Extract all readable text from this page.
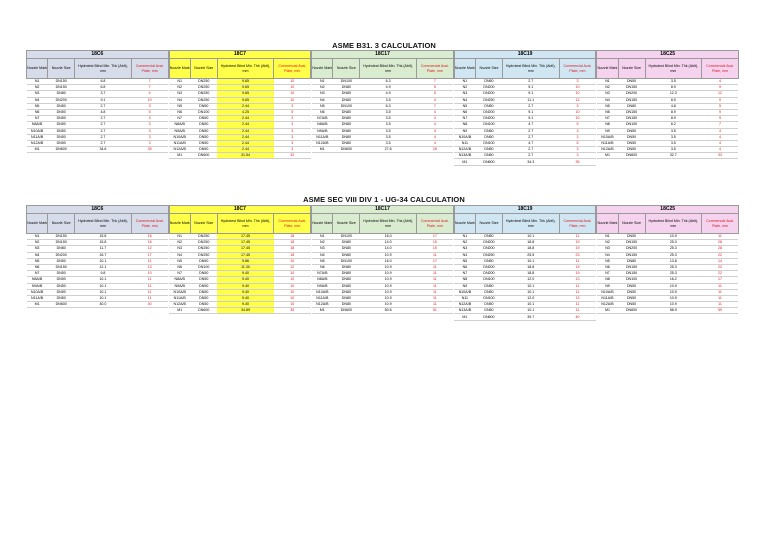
ASME B31. 3 CALCULATION
18C6			
Nozzle Mark	Nozzle Size	Hydrotest Blind Min. Thk (Ablt), mm	Commercial Avai. Plate, mm
N1	DN150	6.8	7
N2	DN150	6.8	7
N3	DN80	3.7	4
N4	DN200	9.1	10
N5	DN50	2.7	3
N6	DN50	4.8	5
N7	DN50	2.7	3
N8A/B	DN50	2.7	3
N10A/B	DN50	2.7	3
N11A/B	DN50	2.7	3
N12A/B	DN50	2.7	3
M1	DN600	34.6	35
18C7			
Nozzle Mark	Nozzle Size	Hydrotest Blind Min. Thk (Ablt), mm	Commercial Avai. Plate, mm
N1	DN250	9.65	10
N2	DN250	9.65	10
N3	DN250	9.65	10
N4	DN250	9.65	10
N5	DN50	2.44	3
N6	DN100	4.25	5
N7	DN50	2.44	3
N8A/B	DN50	2.44	3
N9A/B	DN50	2.44	3
N10A/B	DN50	2.44	3
N11A/B	DN50	2.44	3
N12A/B	DN50	2.44	3
M1	DN600	31.54	32
18C17			
Nozzle Mark	Nozzle Size	Hydrotest Blind Min. Thk (Ablt), mm	Commercial Avai. Plate, mm
N1	DN100	6.3	7
N2	DN80	4.9	5
N3	DN80	4.9	5
N4	DN80	3.5	4
N5	DN100	6.3	7
N6	DN80	3.5	4
N7A/B	DN80	3.5	4
N8A/B	DN80	3.5	4
N9A/B	DN80	3.5	4
N11A/B	DN80	3.5	4
N12A/B	DN80	3.5	4
M1	DN600	27.6	28
18C19			
Nozzle Mark	Nozzle Size	Hydrotest Blind Min. Thk (Ablt), mm	Commercial Avai. Plate, mm
N1	DN50	2.7	3
N2	DN200	9.1	10
N3	DN200	9.1	10
N4	DN250	11.1	12
N5	DN50	2.7	3
N6	DN200	9.1	10
N7	DN200	9.1	10
N8	DN100	4.7	5
N9	DN50	2.7	3
N10A/B	DN50	2.7	3
N11	DN100	4.7	5
N12A/B	DN50	2.7	3
N13A/B	DN50	2.7	3
M1	DN600	34.3	35
18C25			
Nozzle Mark	Nozzle Size	Hydrotest Blind Min. Thk (Ablt), mm	Commercial Avai. Plate, mm
N1	DN50	3.5	4
N2	DN150	8.9	9
N3	DN200	12.3	12
N4	DN150	8.9	9
N5	DN80	4.8	5
N6	DN150	8.9	9
N7	DN150	8.9	9
N8	DN100	6.2	7
N9	DN50	3.5	4
N10A/B	DN50	3.5	4
N11A/B	DN50	3.5	4
N12A/B	DN50	3.5	4
M1	DN600	32.7	33
ASME SEC VIII DIV 1 - UG-34 CALCULATION
18C6			
Nozzle Mark	Nozzle Size	Hydrotest Blind Min. Thk (Ablt), mm	Commercial Avai. Plate, mm
N1	DN150	15.8	16
N2	DN150	15.8	16
N3	DN80	11.7	12
N4	DN200	16.7	17
N5	DN50	10.1	11
N6	DN150	12.1	13
N7	DN50	9.8	10
N8A/B	DN50	10.1	11
N9A/B	DN50	10.1	11
N10A/B	DN50	10.1	11
N11A/B	DN50	10.1	11
M1	DN600	40.0	40
18C7			
Nozzle Mark	Nozzle Size	Hydrotest Blind Min. Thk (Ablt), mm	Commercial Avai. Plate, mm
N1	DN250	17.45	18
N2	DN250	17.45	18
N3	DN250	17.45	18
N4	DN250	17.45	18
N5	DN50	9.86	10
N6	DN100	11.30	12
N7	DN50	9.40	10
N8A/B	DN50	9.40	10
N9A/B	DN50	9.40	10
N10A/B	DN50	9.40	10
N11A/B	DN50	9.40	10
N12A/B	DN50	9.40	10
M1	DN600	34.89	35
18C17			
Nozzle Mark	Nozzle Size	Hydrotest Blind Min. Thk (Ablt), mm	Commercial Avai. Plate, mm
N1	DN100	16.0	17
N2	DN80	14.0	15
N3	DN80	14.0	15
N4	DN80	10.9	11
N5	DN100	16.0	17
N6	DN80	10.9	11
N7A/B	DN80	10.9	11
N8A/B	DN80	10.9	11
N9A/B	DN80	10.9	11
N10A/B	DN80	10.9	11
N11A/B	DN80	10.9	11
N12A/B	DN80	10.9	11
M1	DN600	50.6	51
18C19			
Nozzle Mark	Nozzle Size	Hydrotest Blind Min. Thk (Ablt), mm	Commercial Avai. Plate, mm
N1	DN50	10.1	11
N2	DN200	18.8	19
N3	DN200	18.8	19
N4	DN250	25.5	23
N5	DN50	10.1	11
N6	DN200	18.8	19
N7	DN200	18.8	19
N8	DN100	12.0	13
N9	DN50	10.1	11
N10A/B	DN50	10.1	11
N11	DN100	12.0	13
N12A/B	DN50	10.1	11
N13A/B	DN50	10.1	11
M1	DN600	39.7	40
18C25			
Nozzle Mark	Nozzle Size	Hydrotest Blind Min. Thk (Ablt), mm	Commercial Avai. Plate, mm
N1	DN50	10.9	11
N2	DN150	25.3	28
N3	DN200	25.3	28
N4	DN150	25.3	22
N5	DN80	13.8	14
N6	DN150	25.3	22
N7	DN150	25.3	22
N8	DN100	16.2	17
N9	DN50	10.9	11
N10A/B	DN50	10.9	11
N11A/B	DN50	10.9	11
N12A/B	DN50	10.9	11
M1	DN600	58.9	59
